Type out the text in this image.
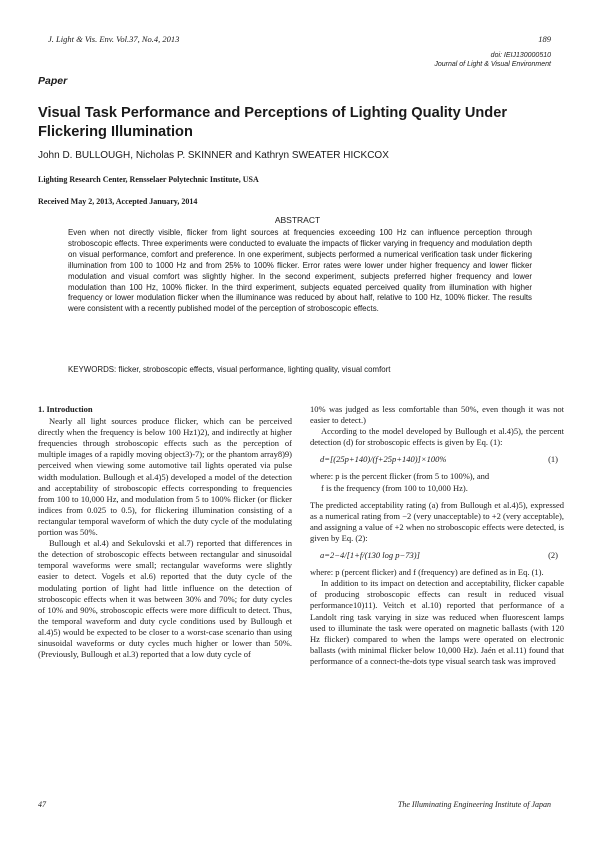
J. Light & Vis. Env. Vol.37, No.4, 2013	189
doi: IEIJ130000510
Journal of Light & Visual Environment
Paper
Visual Task Performance and Perceptions of Lighting Quality Under Flickering Illumination
John D. BULLOUGH, Nicholas P. SKINNER and Kathryn SWEATER HICKCOX
Lighting Research Center, Rensselaer Polytechnic Institute, USA
Received May 2, 2013, Accepted January, 2014
ABSTRACT
Even when not directly visible, flicker from light sources at frequencies exceeding 100 Hz can influence perception through stroboscopic effects. Three experiments were conducted to evaluate the impacts of flicker varying in frequency and modulation depth on visual performance, comfort and preference. In one experiment, subjects performed a numerical verification task under flickering illumination from 100 to 1000 Hz and from 25% to 100% flicker. Error rates were lower under higher frequency and lower flicker modulation and visual comfort was slightly higher. In the second experiment, subjects preferred higher frequency and lower modulation than 100 Hz, 100% flicker. In the third experiment, subjects equated perceived quality from illumination with higher frequency or lower modulation flicker when the illuminance was reduced by about half, relative to 100 Hz, 100% flicker. The results were consistent with a recently published model of the perception of stroboscopic effects.
KEYWORDS: flicker, stroboscopic effects, visual performance, lighting quality, visual comfort
1. Introduction

Nearly all light sources produce flicker, which can be perceived directly when the frequency is below 100 Hz1)2), and indirectly at higher frequencies through stroboscopic effects such as the perception of multiple images of a rapidly moving object3)-7); or the phantom array8)9) perceived when viewing some automotive tail lights operated via pulse width modulation. Bullough et al.4)5) developed a model of the detection and acceptability of stroboscopic effects corresponding to frequencies from 100 to 10,000 Hz, and modulation from 5 to 100% flicker (or flicker indices from 0.025 to 0.5), for flickering illumination consisting of a rectangular temporal waveform of which the duty cycle of the modulating portion was 50%.

Bullough et al.4) and Sekulovski et al.7) reported that differences in the detection of stroboscopic effects between rectangular and sinusoidal temporal waveforms were small; rectangular waveforms were slightly easier to detect. Vogels et al.6) reported that the duty cycle of the modulating portion of light had little influence on the detection of stroboscopic effects when it was between 30% and 70%; for duty cycles of 10% and 90%, stroboscopic effects were more difficult to detect. Thus, the temporal waveform and duty cycle conditions used by Bullough et al.4)5) would be expected to be closer to a worst-case scenario than using sinusoidal waveforms or duty cycles much higher or lower than 50%. (Previously, Bullough et al.3) reported that a low duty cycle of

10% was judged as less comfortable than 50%, even though it was not easier to detect.)

According to the model developed by Bullough et al.4)5), the percent detection (d) for stroboscopic effects is given by Eq. (1):

d=[(25p+140)/(f+25p+140)]×100%	(1)

where: p is the percent flicker (from 5 to 100%), and

f is the frequency (from 100 to 10,000 Hz).

The predicted acceptability rating (a) from Bullough et al.4)5), expressed as a numerical rating from −2 (very unacceptable) to +2 (very acceptable), and assigning a value of +2 when no stroboscopic effects were detected, is given by Eq. (2):

a=2−4/[1+f/(130 log p−73)]	(2)

where: p (percent flicker) and f (frequency) are defined as in Eq. (1).

In addition to its impact on detection and acceptability, flicker capable of producing stroboscopic effects can result in reduced visual performance10)11). Veitch et al.10) reported that performance of a Landolt ring task varying in size was reduced when fluorescent lamps used to illuminate the task were operated on magnetic ballasts (with 120 Hz flicker) compared to when the lamps were operated on electronic ballasts (with minimal flicker below 10,000 Hz). Jaén et al.11) found that performance of a connect-the-dots type visual search task was improved

47	The Illuminating Engineering Institute of Japan
